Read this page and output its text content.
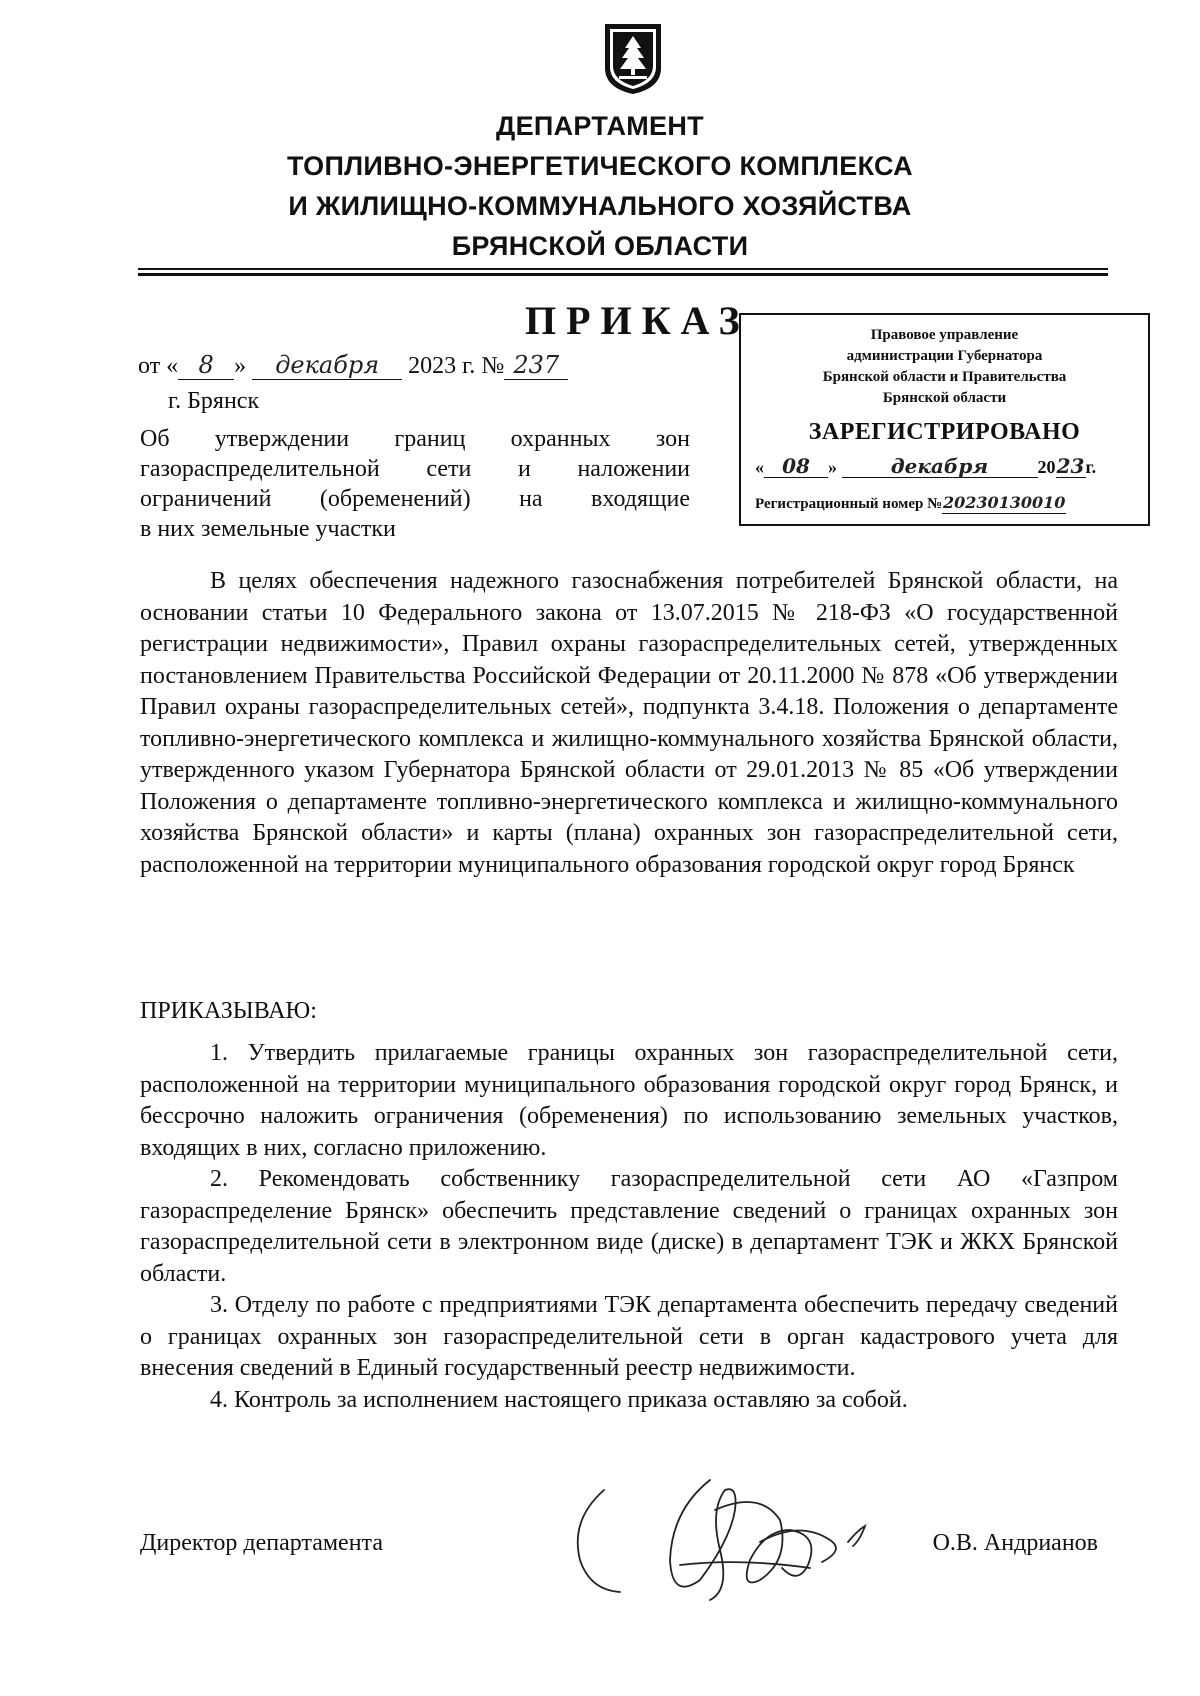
ДЕПАРТАМЕНТ
ТОПЛИВНО-ЭНЕРГЕТИЧЕСКОГО КОМПЛЕКСА
И ЖИЛИЩНО-КОММУНАЛЬНОГО ХОЗЯЙСТВА
БРЯНСКОЙ ОБЛАСТИ
ПРИКАЗ
от « 8 » декабря 2023 г. № 237
г. Брянск
Об утверждении границ охранных зон
газораспределительной сети и наложении
ограничений (обременений) на входящие
в них земельные участки
Правовое управление
администрации Губернатора
Брянской области и Правительства
Брянской области
ЗАРЕГИСТРИРОВАНО
« 08 »	декабря	2023г.
Регистрационный номер №20230130010

В целях обеспечения надежного газоснабжения потребителей Брянской области, на основании статьи 10 Федерального закона от 13.07.2015 № 218-ФЗ «О государственной регистрации недвижимости», Правил охраны газораспределительных сетей, утвержденных постановлением Правительства Российской Федерации от 20.11.2000 № 878 «Об утверждении Правил охраны газораспределительных сетей», подпункта 3.4.18. Положения о департаменте топливно-энергетического комплекса и жилищно-коммунального хозяйства Брянской области, утвержденного указом Губернатора Брянской области от 29.01.2013 № 85 «Об утверждении Положения о департаменте топливно-энергетического комплекса и жилищно-коммунального хозяйства Брянской области» и карты (плана) охранных зон газораспределительной сети, расположенной на территории муниципального образования городской округ город Брянск

ПРИКАЗЫВАЮ:

1. Утвердить прилагаемые границы охранных зон газораспределительной сети, расположенной на территории муниципального образования городской округ город Брянск, и бессрочно наложить ограничения (обременения) по использованию земельных участков, входящих в них, согласно приложению.

2. Рекомендовать собственнику газораспределительной сети АО «Газпром газораспределение Брянск» обеспечить представление сведений о границах охранных зон газораспределительной сети в электронном виде (диске) в департамент ТЭК и ЖКХ Брянской области.

3. Отделу по работе с предприятиями ТЭК департамента обеспечить передачу сведений о границах охранных зон газораспределительной сети в орган кадастрового учета для внесения сведений в Единый государственный реестр недвижимости.

4. Контроль за исполнением настоящего приказа оставляю за собой.

Директор департамента	О.В. Андрианов
